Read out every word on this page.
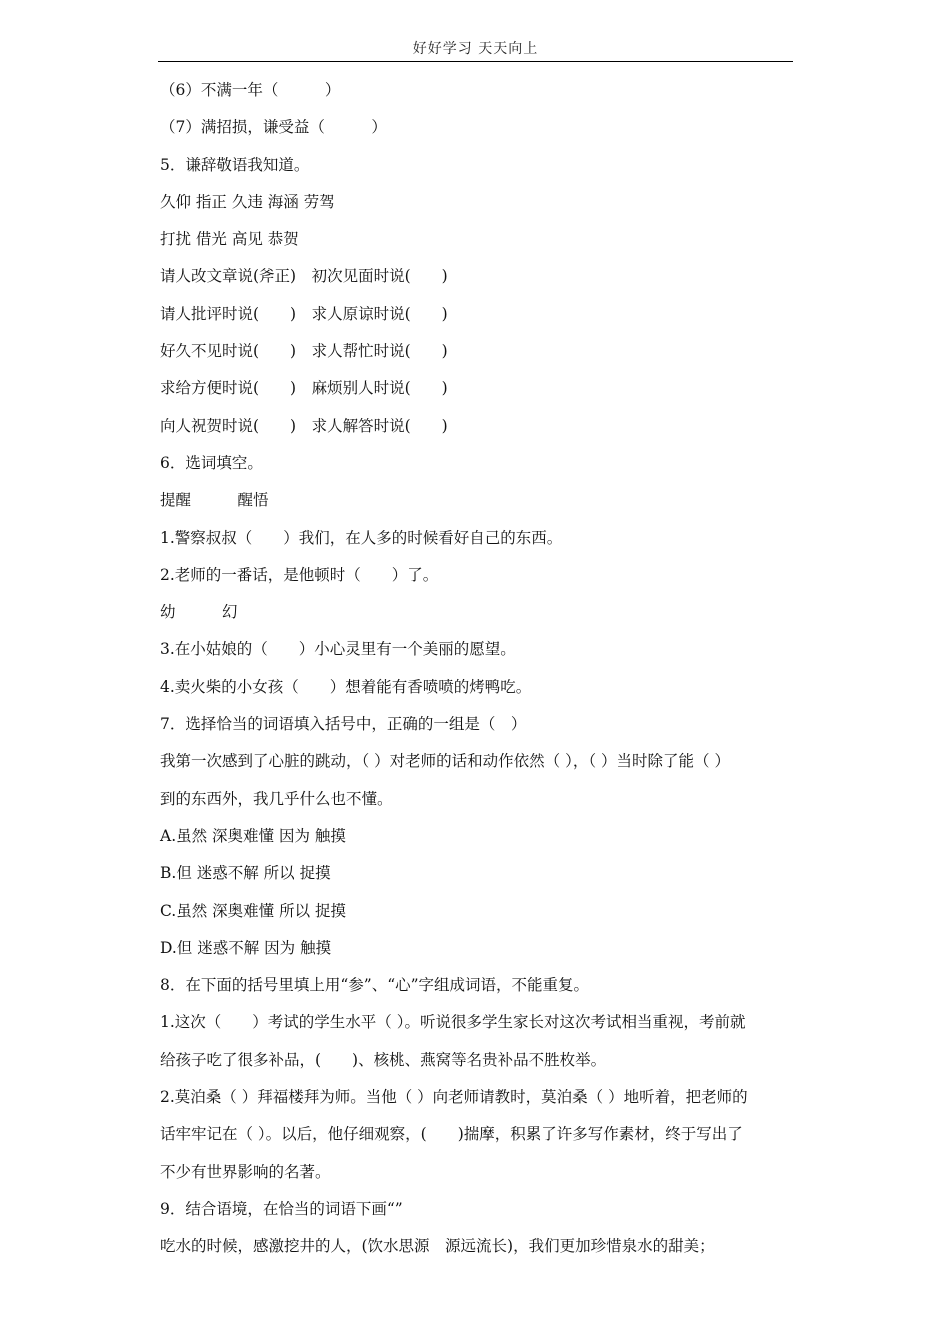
好好学习 天天向上
（6）不满一年（　　　）
（7）满招损，谦受益（　　　）
5．谦辞敬语我知道。
久仰 指正 久违 海涵 劳驾
打扰 借光 高见 恭贺
请人改文章说(斧正)　初次见面时说(　　)
请人批评时说(　　)　求人原谅时说(　　)
好久不见时说(　　)　求人帮忙时说(　　)
求给方便时说(　　)　麻烦别人时说(　　)
向人祝贺时说(　　)　求人解答时说(　　)
6．选词填空。
提醒　　　醒悟
1.警察叔叔（　　）我们，在人多的时候看好自己的东西。
2.老师的一番话，是他顿时（　　）了。
幼　　　幻
3.在小姑娘的（　　）小心灵里有一个美丽的愿望。
4.卖火柴的小女孩（　　）想着能有香喷喷的烤鸭吃。
7．选择恰当的词语填入括号中，正确的一组是（　）
我第一次感到了心脏的跳动，（ ）对老师的话和动作依然（ ），（ ）当时除了能（ ）
到的东西外，我几乎什么也不懂。
A.虽然 深奥难懂 因为 触摸
B.但 迷惑不解 所以 捉摸
C.虽然 深奥难懂 所以 捉摸
D.但 迷惑不解 因为 触摸
8．在下面的括号里填上用“参”、“心”字组成词语，不能重复。
1.这次（　　）考试的学生水平（ ）。听说很多学生家长对这次考试相当重视，考前就
给孩子吃了很多补品，(　　)、核桃、燕窝等名贵补品不胜枚举。
2.莫泊桑（ ）拜福楼拜为师。当他（ ）向老师请教时，莫泊桑（ ）地听着，把老师的
话牢牢记在（ ）。以后，他仔细观察，(　　)揣摩，积累了许多写作素材，终于写出了
不少有世界影响的名著。
9．结合语境，在恰当的词语下画“”
吃水的时候，感激挖井的人，(饮水思源　源远流长)，我们更加珍惜泉水的甜美；
